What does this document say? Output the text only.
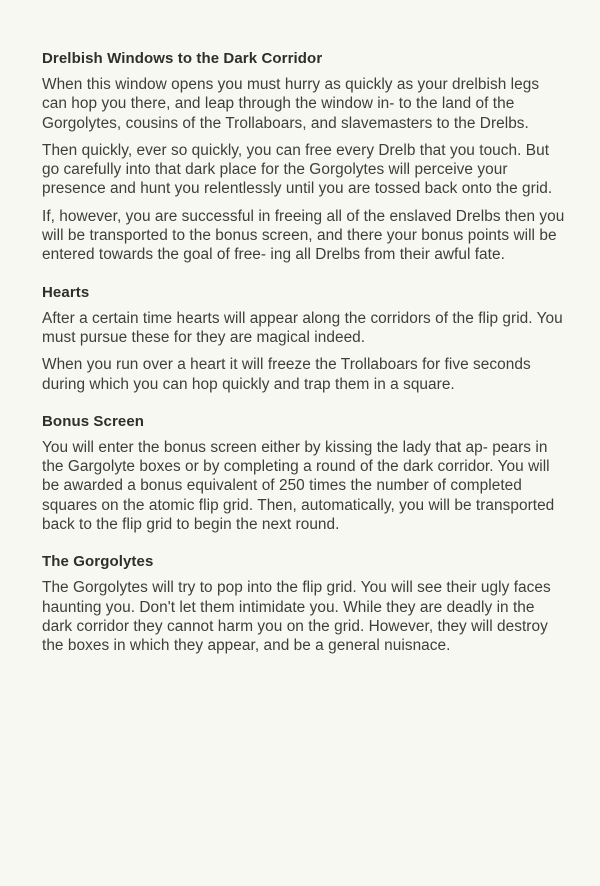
Drelbish Windows to the Dark Corridor

When this window opens you must hurry as quickly as your drelbish legs can hop you there, and leap through the window in- to the land of the Gorgolytes, cousins of the Trollaboars, and slavemasters to the Drelbs.

Then quickly, ever so quickly, you can free every Drelb that you touch. But go carefully into that dark place for the Gorgolytes will perceive your presence and hunt you relentlessly until you are tossed back onto the grid.

If, however, you are successful in freeing all of the enslaved Drelbs then you will be transported to the bonus screen, and there your bonus points will be entered towards the goal of free- ing all Drelbs from their awful fate.

Hearts

After a certain time hearts will appear along the corridors of the flip grid. You must pursue these for they are magical indeed.

When you run over a heart it will freeze the Trollaboars for five seconds during which you can hop quickly and trap them in a square.

Bonus Screen

You will enter the bonus screen either by kissing the lady that ap- pears in the Gargolyte boxes or by completing a round of the dark corridor. You will be awarded a bonus equivalent of 250 times the number of completed squares on the atomic flip grid. Then, automatically, you will be transported back to the flip grid to begin the next round.

The Gorgolytes

The Gorgolytes will try to pop into the flip grid. You will see their ugly faces haunting you. Don't let them intimidate you. While they are deadly in the dark corridor they cannot harm you on the grid. However, they will destroy the boxes in which they appear, and be a general nuisnace.
